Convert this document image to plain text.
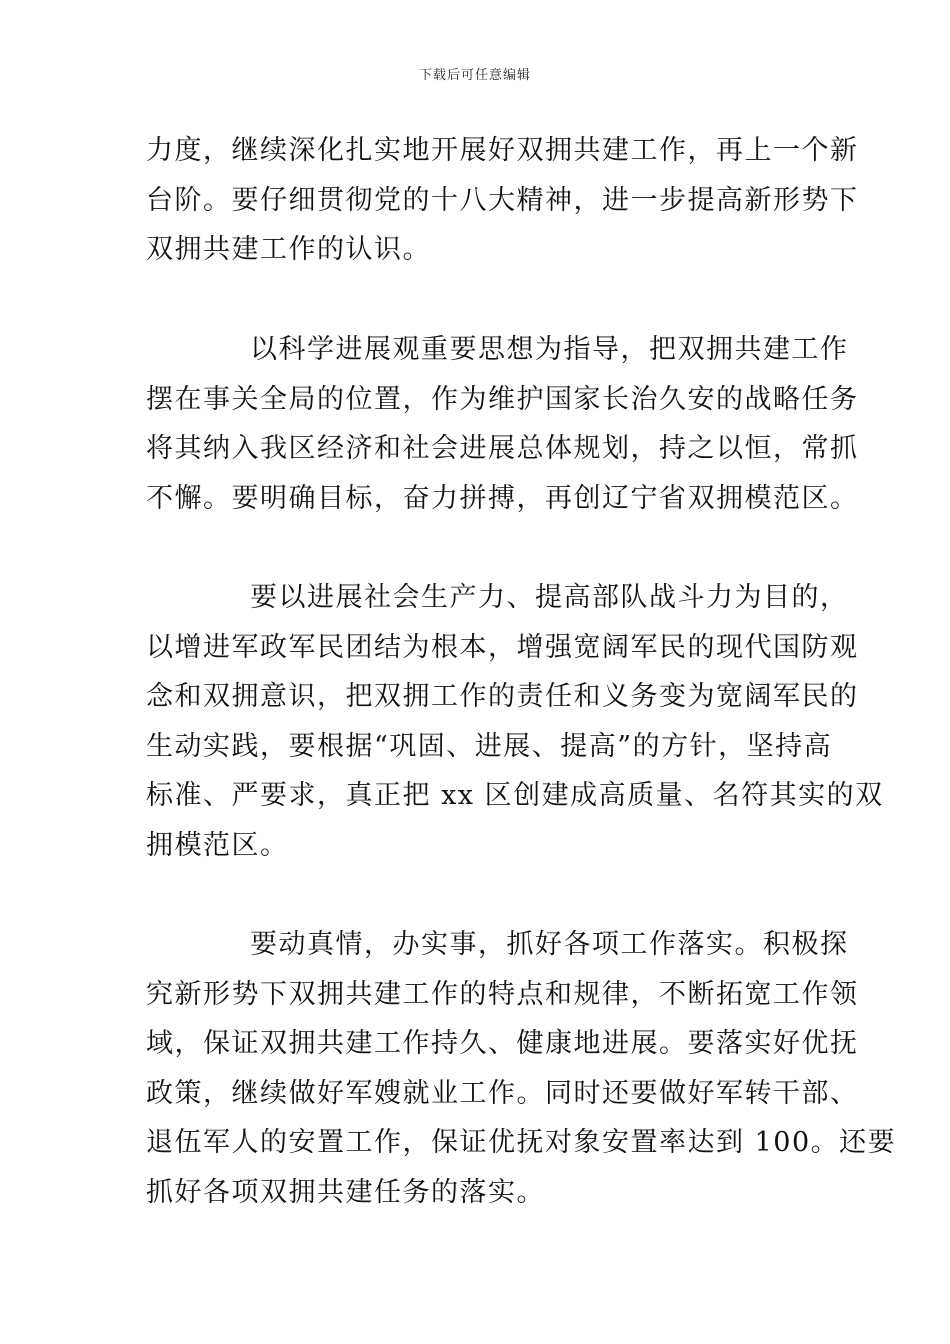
下载后可任意编辑
力度，继续深化扎实地开展好双拥共建工作，再上一个新
台阶。要仔细贯彻党的十八大精神，进一步提高新形势下
双拥共建工作的认识。
以科学进展观重要思想为指导，把双拥共建工作
摆在事关全局的位置，作为维护国家长治久安的战略任务
将其纳入我区经济和社会进展总体规划，持之以恒，常抓
不懈。要明确目标，奋力拼搏，再创辽宁省双拥模范区。
要以进展社会生产力、提高部队战斗力为目的，
以增进军政军民团结为根本，增强宽阔军民的现代国防观
念和双拥意识，把双拥工作的责任和义务变为宽阔军民的
生动实践，要根据“巩固、进展、提高”的方针，坚持高
标准、严要求，真正把 xx 区创建成高质量、名符其实的双
拥模范区。
要动真情，办实事，抓好各项工作落实。积极探
究新形势下双拥共建工作的特点和规律，不断拓宽工作领
域，保证双拥共建工作持久、健康地进展。要落实好优抚
政策，继续做好军嫂就业工作。同时还要做好军转干部、
退伍军人的安置工作，保证优抚对象安置率达到 100。还要
抓好各项双拥共建任务的落实。
